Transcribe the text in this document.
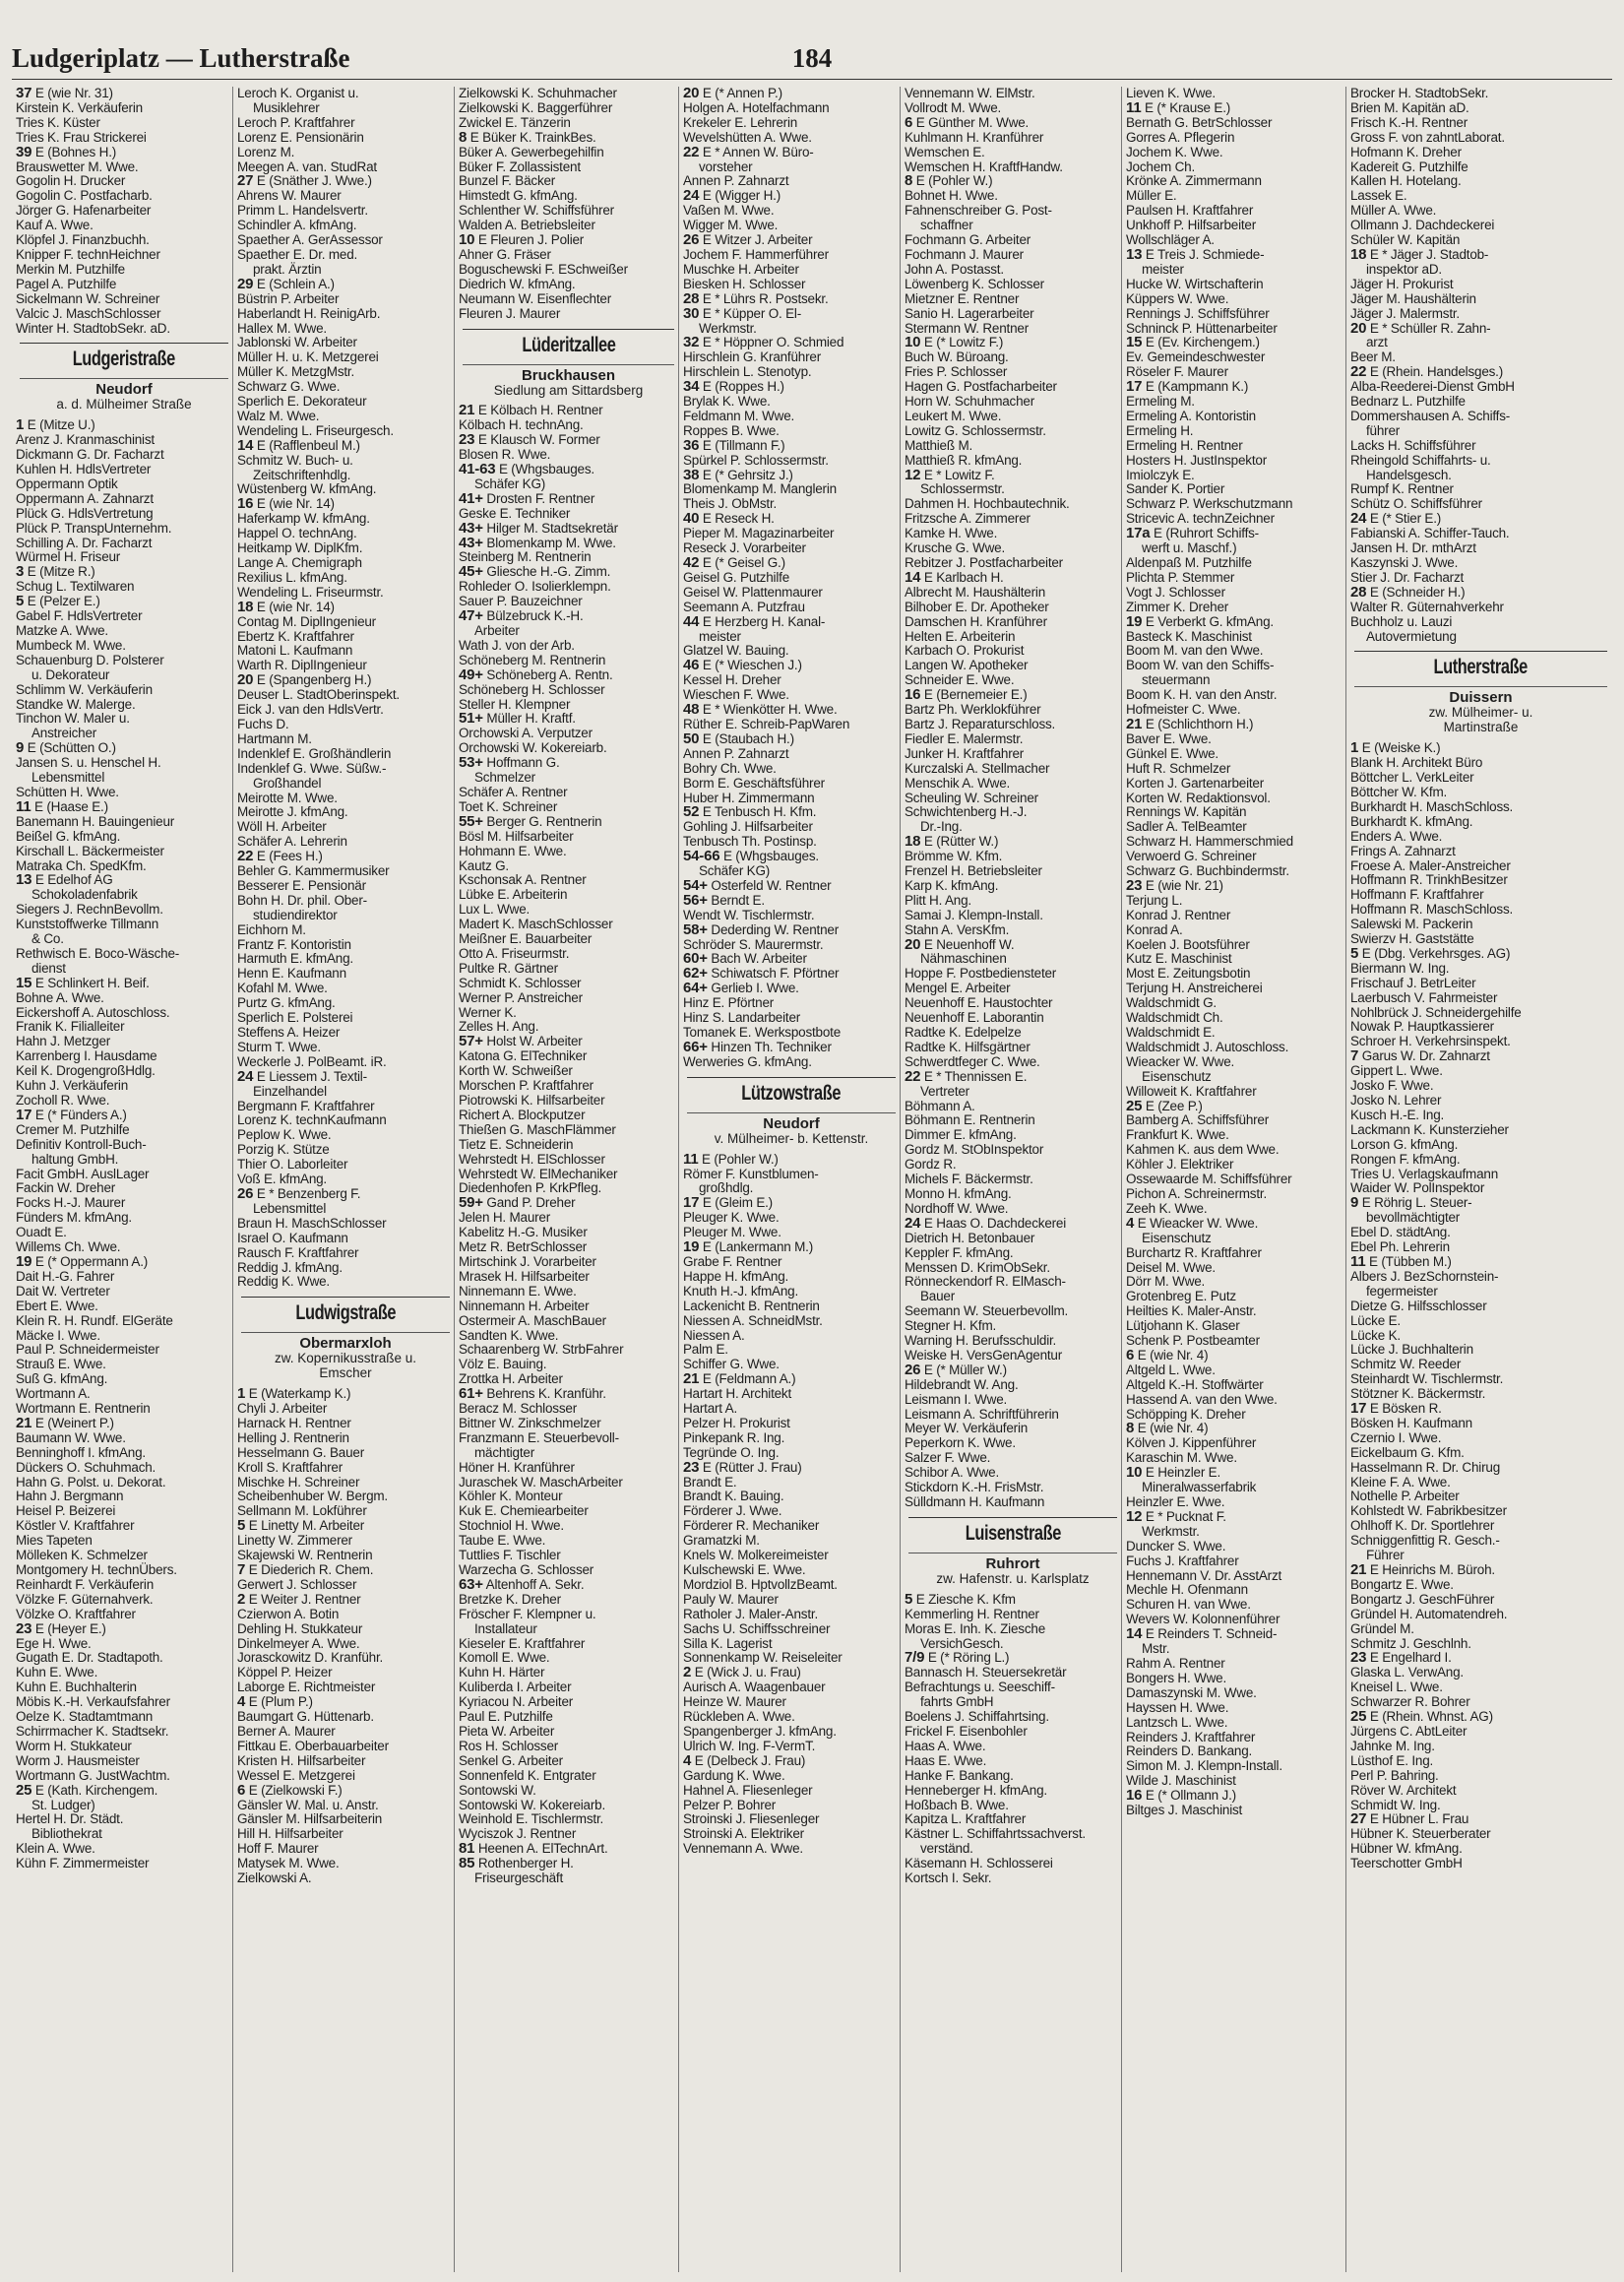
Ludgeriplatz — Lutherstraße	184
37 E (wie Nr. 31)
Kirstein K. Verkäuferin
Tries K. Küster
Tries K. Frau Strickerei
39 E (Bohnes H.)
Brauswetter M. Wwe.
Gogolin H. Drucker
Gogolin C. Postfacharb.
Jörger G. Hafenarbeiter
Kauf A. Wwe.
Klöpfel J. Finanzbuchh.
Knipper F. technHeichner
Merkin M. Putzhilfe
Pagel A. Putzhilfe
Sickelmann W. Schreiner
Valcic J. MaschSchlosser
Winter H. StadtobSekr. aD.
Ludgeristraße
Neudorf
a. d. Mülheimer Straße
1 E (Mitze U.)
Arenz J. Kranmaschinist
Dickmann G. Dr. Facharzt
Kuhlen H. HdlsVertreter
Oppermann Optik
Oppermann A. Zahnarzt
Plück G. HdlsVertretung
Plück P. TranspUnternehm.
Schilling A. Dr. Facharzt
Würmel H. Friseur
3 E (Mitze R.)
Schug L. Textilwaren
5 E (Pelzer E.)
Gabel F. HdlsVertreter
Matzke A. Wwe.
Mumbeck M. Wwe.
Schauenburg D. Polsterer
u. Dekorateur
Schlimm W. Verkäuferin
Standke W. Malerge.
Tinchon W. Maler u.
Anstreicher
9 E (Schütten O.)
Jansen S. u. Henschel H.
Lebensmittel
Schütten H. Wwe.
11 E (Haase E.)
Banemann H. Bauingenieur
Beißel G. kfmAng.
Kirschall L. Bäckermeister
Matraka Ch. SpedKfm.
13 E Edelhof AG
Schokoladenfabrik
Siegers J. RechnBevollm.
Kunststoffwerke Tillmann
& Co.
Rethwisch E. Boco-Wäsche-
dienst
15 E Schlinkert H. Beif.
Bohne A. Wwe.
Eickershoff A. Autoschloss.
Franik K. Filialleiter
Hahn J. Metzger
Karrenberg I. Hausdame
Keil K. DrogengroßHdlg.
Kuhn J. Verkäuferin
Zocholl R. Wwe.
17 E (* Fünders A.)
Cremer M. Putzhilfe
Definitiv Kontroll-Buch-
haltung GmbH.
Facit GmbH. AuslLager
Fackin W. Dreher
Focks H.-J. Maurer
Fünders M. kfmAng.
Ouadt E.
Willems Ch. Wwe.
19 E (* Oppermann A.)
Dait H.-G. Fahrer
Dait W. Vertreter
Ebert E. Wwe.
Klein R. H. Rundf. ElGeräte
Mäcke I. Wwe.
Paul P. Schneidermeister
Strauß E. Wwe.
Suß G. kfmAng.
Wortmann A.
Wortmann E. Rentnerin
21 E (Weinert P.)
Baumann W. Wwe.
Benninghoff I. kfmAng.
Dückers O. Schuhmach.
Hahn G. Polst. u. Dekorat.
Hahn J. Bergmann
Heisel P. Beizerei
Köstler V. Kraftfahrer
Mies Tapeten
Mölleken K. Schmelzer
Montgomery H. technÜbers.
Reinhardt F. Verkäuferin
Völzke F. Güternahverk.
Völzke O. Kraftfahrer
23 E (Heyer E.)
Ege H. Wwe.
Gugath E. Dr. Stadtapoth.
Kuhn E. Wwe.
Kuhn E. Buchhalterin
Möbis K.-H. Verkaufsfahrer
Oelze K. Stadtamtmann
Schirrmacher K. Stadtsekr.
Worm H. Stukkateur
Worm J. Hausmeister
Wortmann G. JustWachtm.
25 E (Kath. Kirchengem.
St. Ludger)
Hertel H. Dr. Städt.
Bibliothekrat
Klein A. Wwe.
Kühn F. Zimmermeister
Leroch K. Organist u.
Musiklehrer
Leroch P. Kraftfahrer
Lorenz E. Pensionärin
Lorenz M.
Meegen A. van. StudRat
27 E (Snäther J. Wwe.)
Ahrens W. Maurer
Primm L. Handelsvertr.
Schindler A. kfmAng.
Spaether A. GerAssessor
Spaether E. Dr. med.
prakt. Ärztin
29 E (Schlein A.)
Büstrin P. Arbeiter
Haberlandt H. ReinigArb.
Hallex M. Wwe.
Jablonski W. Arbeiter
Müller H. u. K. Metzgerei
Müller K. MetzgMstr.
Schwarz G. Wwe.
Sperlich E. Dekorateur
Walz M. Wwe.
Wendeling L. Friseurgesch.
14 E (Rafflenbeul M.)
Schmitz W. Buch- u.
Zeitschriftenhdlg.
Wüstenberg W. kfmAng.
16 E (wie Nr. 14)
Haferkamp W. kfmAng.
Happel O. technAng.
Heitkamp W. DiplKfm.
Lange A. Chemigraph
Rexilius L. kfmAng.
Wendeling L. Friseurmstr.
18 E (wie Nr. 14)
Contag M. DiplIngenieur
Ebertz K. Kraftfahrer
Matoni L. Kaufmann
Warth R. DiplIngenieur
20 E (Spangenberg H.)
Deuser L. StadtOberinspekt.
Eick J. van den HdlsVertr.
Fuchs D.
Hartmann M.
Indenklef E. Großhändlerin
Indenklef G. Wwe. Süßw.-
Großhandel
Meirotte M. Wwe.
Meirotte J. kfmAng.
Wöll H. Arbeiter
Schäfer A. Lehrerin
22 E (Fees H.)
Behler G. Kammermusiker
Besserer E. Pensionär
Bohn H. Dr. phil. Ober-
studiendirektor
Eichhorn M.
Frantz F. Kontoristin
Harmuth E. kfmAng.
Henn E. Kaufmann
Kofahl M. Wwe.
Purtz G. kfmAng.
Sperlich E. Polsterei
Steffens A. Heizer
Sturm T. Wwe.
Weckerle J. PolBeamt. iR.
24 E Liessem J. Textil-
Einzelhandel
Bergmann F. Kraftfahrer
Lorenz K. technKaufmann
Peplow K. Wwe.
Porzig K. Stütze
Thier O. Laborleiter
Voß E. kfmAng.
26 E * Benzenberg F.
Lebensmittel
Braun H. MaschSchlosser
Israel O. Kaufmann
Rausch F. Kraftfahrer
Reddig J. kfmAng.
Reddig K. Wwe.
Ludwigstraße
Obermarxloh
zw. Kopernikusstraße u.
Emscher
1 E (Waterkamp K.)
Chyli J. Arbeiter
Harnack H. Rentner
Helling J. Rentnerin
Hesselmann G. Bauer
Kroll S. Kraftfahrer
Mischke H. Schreiner
Scheibenhuber W. Bergm.
Sellmann M. Lokführer
5 E Linetty M. Arbeiter
Linetty W. Zimmerer
Skajewski W. Rentnerin
7 E Diederich R. Chem.
Gerwert J. Schlosser
2 E Weiter J. Rentner
Czierwon A. Botin
Dehling H. Stukkateur
Dinkelmeyer A. Wwe.
Jorasckowitz D. Kranführ.
Köppel P. Heizer
Laborge E. Richtmeister
4 E (Plum P.)
Baumgart G. Hüttenarb.
Berner A. Maurer
Fittkau E. Oberbauarbeiter
Kristen H. Hilfsarbeiter
Wessel E. Metzgerei
6 E (Zielkowski F.)
Gänsler W. Mal. u. Anstr.
Gänsler M. Hilfsarbeiterin
Hill H. Hilfsarbeiter
Hoff F. Maurer
Matysek M. Wwe.
Zielkowski A.
Zielkowski K. Schuhmacher
Zielkowski K. Baggerführer
Zwickel E. Tänzerin
8 E Büker K. TrainkBes.
Büker A. Gewerbegehilfin
Büker F. Zollassistent
Bunzel F. Bäcker
Himstedt G. kfmAng.
Schlenther W. Schiffsführer
Walden A. Betriebsleiter
10 E Fleuren J. Polier
Ahner G. Fräser
Boguschewski F. ESchweißer
Diedrich W. kfmAng.
Neumann W. Eisenflechter
Fleuren J. Maurer
Lüderitzallee
Bruckhausen
Siedlung am Sittardsberg
21 E Kölbach H. Rentner
Kölbach H. technAng.
23 E Klausch W. Former
Blosen R. Wwe.
41-63 E (Whgsbauges.
Schäfer KG)
41+ Drosten F. Rentner
Geske E. Techniker
43+ Hilger M. Stadtsekretär
43+ Blomenkamp M. Wwe.
Steinberg M. Rentnerin
45+ Gliesche H.-G. Zimm.
Rohleder O. Isolierklempn.
Sauer P. Bauzeichner
47+ Bülzebruck K.-H.
Arbeiter
Wath J. von der Arb.
Schöneberg M. Rentnerin
49+ Schöneberg A. Rentn.
Schöneberg H. Schlosser
Steller H. Klempner
51+ Müller H. Kraftf.
Orchowski A. Verputzer
Orchowski W. Kokereiarb.
53+ Hoffmann G.
Schmelzer
Schäfer A. Rentner
Toet K. Schreiner
55+ Berger G. Rentnerin
Bösl M. Hilfsarbeiter
Hohmann E. Wwe.
Kautz G.
Kschonsak A. Rentner
Lübke E. Arbeiterin
Lux L. Wwe.
Madert K. MaschSchlosser
Meißner E. Bauarbeiter
Otto A. Friseurmstr.
Pultke R. Gärtner
Schmidt K. Schlosser
Werner P. Anstreicher
Werner K.
Zelles H. Ang.
57+ Holst W. Arbeiter
Katona G. ElTechniker
Korth W. Schweißer
Morschen P. Kraftfahrer
Piotrowski K. Hilfsarbeiter
Richert A. Blockputzer
Thießen G. MaschFlämmer
Tietz E. Schneiderin
Wehrstedt H. ElSchlosser
Wehrstedt W. ElMechaniker
Diedenhofen P. KrkPfleg.
59+ Gand P. Dreher
Jelen H. Maurer
Kabelitz H.-G. Musiker
Metz R. BetrSchlosser
Mirtschink J. Vorarbeiter
Mrasek H. Hilfsarbeiter
Ninnemann E. Wwe.
Ninnemann H. Arbeiter
Ostermeir A. MaschBauer
Sandten K. Wwe.
Schaarenberg W. StrbFahrer
Völz E. Bauing.
Zrottka H. Arbeiter
61+ Behrens K. Kranführ.
Beracz M. Schlosser
Bittner W. Zinkschmelzer
Franzmann E. Steuerbevoll-
mächtigter
Höner H. Kranführer
Juraschek W. MaschArbeiter
Köhler K. Monteur
Kuk E. Chemiearbeiter
Stochniol H. Wwe.
Taube E. Wwe.
Tuttlies F. Tischler
Warzecha G. Schlosser
63+ Altenhoff A. Sekr.
Bretzke K. Dreher
Fröscher F. Klempner u.
Installateur
Kieseler E. Kraftfahrer
Komoll E. Wwe.
Kuhn H. Härter
Kuliberda I. Arbeiter
Kyriacou N. Arbeiter
Paul E. Putzhilfe
Pieta W. Arbeiter
Ros H. Schlosser
Senkel G. Arbeiter
Sonnenfeld K. Entgrater
Sontowski W.
Sontowski W. Kokereiarb.
Weinhold E. Tischlermstr.
Wyciszok J. Rentner
81 Heenen A. ElTechnArt.
85 Rothenberger H.
Friseurgeschäft
20 E (* Annen P.)
Holgen A. Hotelfachmann
Krekeler E. Lehrerin
Wevelshütten A. Wwe.
22 E * Annen W. Büro-
vorsteher
Annen P. Zahnarzt
24 E (Wigger H.)
Vaßen M. Wwe.
Wigger M. Wwe.
26 E Witzer J. Arbeiter
Jochem F. Hammerführer
Muschke H. Arbeiter
Biesken H. Schlosser
28 E * Lührs R. Postsekr.
30 E * Küpper O. El-
Werkmstr.
32 E * Höppner O. Schmied
Hirschlein G. Kranführer
Hirschlein L. Stenotyp.
34 E (Roppes H.)
Brylak K. Wwe.
Feldmann M. Wwe.
Roppes B. Wwe.
36 E (Tillmann F.)
Spürkel P. Schlossermstr.
38 E (* Gehrsitz J.)
Blomenkamp M. Manglerin
Theis J. ObMstr.
40 E Reseck H.
Pieper M. Magazinarbeiter
Reseck J. Vorarbeiter
42 E (* Geisel G.)
Geisel G. Putzhilfe
Geisel W. Plattenmaurer
Seemann A. Putzfrau
44 E Herzberg H. Kanal-
meister
Glatzel W. Bauing.
46 E (* Wieschen J.)
Kessel H. Dreher
Wieschen F. Wwe.
48 E * Wienkötter H. Wwe.
Rüther E. Schreib-PapWaren
50 E (Staubach H.)
Annen P. Zahnarzt
Bohry Ch. Wwe.
Borm E. Geschäftsführer
Huber H. Zimmermann
52 E Tenbusch H. Kfm.
Gohling J. Hilfsarbeiter
Tenbusch Th. Postinsp.
54-66 E (Whgsbauges.
Schäfer KG)
54+ Osterfeld W. Rentner
56+ Berndt E.
Wendt W. Tischlermstr.
58+ Dederding W. Rentner
Schröder S. Maurermstr.
60+ Bach W. Arbeiter
62+ Schiwatsch F. Pförtner
64+ Gerlieb I. Wwe.
Hinz E. Pförtner
Hinz S. Landarbeiter
Tomanek E. Werkspostbote
66+ Hinzen Th. Techniker
Werweries G. kfmAng.
Lützowstraße
Neudorf
v. Mülheimer- b. Kettenstr.
11 E (Pohler W.)
Römer F. Kunstblumen-
großhdlg.
17 E (Gleim E.)
Pleuger K. Wwe.
Pleuger M. Wwe.
19 E (Lankermann M.)
Grabe F. Rentner
Happe H. kfmAng.
Knuth H.-J. kfmAng.
Lackenicht B. Rentnerin
Niessen A. SchneidMstr.
Niessen A.
Palm E.
Schiffer G. Wwe.
21 E (Feldmann A.)
Hartart H. Architekt
Hartart A.
Pelzer H. Prokurist
Pinkepank R. Ing.
Tegründe O. Ing.
23 E (Rütter J. Frau)
Brandt E.
Brandt K. Bauing.
Förderer J. Wwe.
Förderer R. Mechaniker
Gramatzki M.
Knels W. Molkereimeister
Kulschewski E. Wwe.
Mordziol B. HptvollzBeamt.
Pauly W. Maurer
Ratholer J. Maler-Anstr.
Sachs U. Schiffsschreiner
Silla K. Lagerist
Sonnenkamp W. Reiseleiter
2 E (Wick J. u. Frau)
Aurisch A. Waagenbauer
Heinze W. Maurer
Rückleben A. Wwe.
Spangenberger J. kfmAng.
Ulrich W. Ing. F-VermT.
4 E (Delbeck J. Frau)
Gardung K. Wwe.
Hahnel A. Fliesenleger
Pelzer P. Bohrer
Stroinski J. Fliesenleger
Stroinski A. Elektriker
Vennemann A. Wwe.
Vennemann W. ElMstr.
Vollrodt M. Wwe.
6 E Günther M. Wwe.
Kuhlmann H. Kranführer
Wemschen E.
Wemschen H. KraftfHandw.
8 E (Pohler W.)
Bohnet H. Wwe.
Fahnenschreiber G. Post-
schaffner
Fochmann G. Arbeiter
Fochmann J. Maurer
John A. Postasst.
Löwenberg K. Schlosser
Mietzner E. Rentner
Sanio H. Lagerarbeiter
Stermann W. Rentner
10 E (* Lowitz F.)
Buch W. Büroang.
Fries P. Schlosser
Hagen G. Postfacharbeiter
Horn W. Schuhmacher
Leukert M. Wwe.
Lowitz G. Schlossermstr.
Matthieß M.
Matthieß R. kfmAng.
12 E * Lowitz F.
Schlossermstr.
Dahmen H. Hochbautechnik.
Fritzsche A. Zimmerer
Kamke H. Wwe.
Krusche G. Wwe.
Rebitzer J. Postfacharbeiter
14 E Karlbach H.
Albrecht M. Haushälterin
Bilhober E. Dr. Apotheker
Damschen H. Kranführer
Helten E. Arbeiterin
Karbach O. Prokurist
Langen W. Apotheker
Schneider E. Wwe.
16 E (Bernemeier E.)
Bartz Ph. Werklokführer
Bartz J. Reparaturschloss.
Fiedler E. Malermstr.
Junker H. Kraftfahrer
Kurczalski A. Stellmacher
Menschik A. Wwe.
Scheuling W. Schreiner
Schwichtenberg H.-J.
Dr.-Ing.
18 E (Rütter W.)
Brömme W. Kfm.
Frenzel H. Betriebsleiter
Karp K. kfmAng.
Plitt H. Ang.
Samai J. Klempn-Install.
Stahn A. VersKfm.
20 E Neuenhoff W.
Nähmaschinen
Hoppe F. Postbediensteter
Mengel E. Arbeiter
Neuenhoff E. Haustochter
Neuenhoff E. Laborantin
Radtke K. Edelpelze
Radtke K. Hilfsgärtner
Schwerdtfeger C. Wwe.
22 E * Thennissen E.
Vertreter
Böhmann A.
Böhmann E. Rentnerin
Dimmer E. kfmAng.
Gordz M. StObInspektor
Gordz R.
Michels F. Bäckermstr.
Monno H. kfmAng.
Nordhoff W. Wwe.
24 E Haas O. Dachdeckerei
Dietrich H. Betonbauer
Keppler F. kfmAng.
Menssen D. KrimObSekr.
Rönneckendorf R. ElMasch-
Bauer
Seemann W. Steuerbevollm.
Stegner H. Kfm.
Warning H. Berufsschuldir.
Weiske H. VersGenAgentur
26 E (* Müller W.)
Hildebrandt W. Ang.
Leismann I. Wwe.
Leismann A. Schriftführerin
Meyer W. Verkäuferin
Peperkorn K. Wwe.
Salzer F. Wwe.
Schibor A. Wwe.
Stickdorn K.-H. FrisMstr.
Sülldmann H. Kaufmann
Luisenstraße
Ruhrort
zw. Hafenstr. u. Karlsplatz
5 E Ziesche K. Kfm
Kemmerling H. Rentner
Moras E. Inh. K. Ziesche
VersichGesch.
7/9 E (* Röring L.)
Bannasch H. Steuersekretär
Befrachtungs u. Seeschiff-
fahrts GmbH
Boelens J. Schiffahrtsing.
Frickel F. Eisenbohler
Haas A. Wwe.
Haas E. Wwe.
Hanke F. Bankang.
Henneberger H. kfmAng.
Hoßbach B. Wwe.
Kapitza L. Kraftfahrer
Kästner L. Schiffahrtssachverst.
verständ.
Käsemann H. Schlosserei
Kortsch I. Sekr.
Lieven K. Wwe.
11 E (* Krause E.)
Bernath G. BetrSchlosser
Gorres A. Pflegerin
Jochem K. Wwe.
Jochem Ch.
Krönke A. Zimmermann
Müller E.
Paulsen H. Kraftfahrer
Unkhoff P. Hilfsarbeiter
Wollschläger A.
13 E Treis J. Schmiede-
meister
Hucke W. Wirtschafterin
Küppers W. Wwe.
Rennings J. Schiffsführer
Schninck P. Hüttenarbeiter
15 E (Ev. Kirchengem.)
Ev. Gemeindeschwester
Röseler F. Maurer
17 E (Kampmann K.)
Ermeling M.
Ermeling A. Kontoristin
Ermeling H.
Ermeling H. Rentner
Hosters H. JustInspektor
Imiolczyk E.
Sander K. Portier
Schwarz P. Werkschutzmann
Stricevic A. technZeichner
17a E (Ruhrort Schiffs-
werft u. Maschf.)
Aldenpaß M. Putzhilfe
Plichta P. Stemmer
Vogt J. Schlosser
Zimmer K. Dreher
19 E Verberkt G. kfmAng.
Basteck K. Maschinist
Boom M. van den Wwe.
Boom W. van den Schiffs-
steuermann
Boom K. H. van den Anstr.
Hofmeister C. Wwe.
21 E (Schlichthorn H.)
Baver E. Wwe.
Günkel E. Wwe.
Huft R. Schmelzer
Korten J. Gartenarbeiter
Korten W. Redaktionsvol.
Rennings W. Kapitän
Sadler A. TelBeamter
Schwarz H. Hammerschmied
Verwoerd G. Schreiner
Schwarz G. Buchbindermstr.
23 E (wie Nr. 21)
Terjung L.
Konrad J. Rentner
Konrad A.
Koelen J. Bootsführer
Kutz E. Maschinist
Most E. Zeitungsbotin
Terjung H. Anstreicherei
Waldschmidt G.
Waldschmidt Ch.
Waldschmidt E.
Waldschmidt J. Autoschloss.
Wieacker W. Wwe.
Eisenschutz
Willoweit K. Kraftfahrer
25 E (Zee P.)
Bamberg A. Schiffsführer
Frankfurt K. Wwe.
Kahmen K. aus dem Wwe.
Köhler J. Elektriker
Ossewaarde M. Schiffsführer
Pichon A. Schreinermstr.
Zeeh K. Wwe.
4 E Wieacker W. Wwe.
Eisenschutz
Burchartz R. Kraftfahrer
Deisel M. Wwe.
Dörr M. Wwe.
Grotenbreg E. Putz
Heilties K. Maler-Anstr.
Lütjohann K. Glaser
Schenk P. Postbeamter
6 E (wie Nr. 4)
Altgeld L. Wwe.
Altgeld K.-H. Stoffwärter
Hassend A. van den Wwe.
Schöpping K. Dreher
8 E (wie Nr. 4)
Kölven J. Kippenführer
Karaschin M. Wwe.
10 E Heinzler E.
Mineralwasserfabrik
Heinzler E. Wwe.
12 E * Pucknat F.
Werkmstr.
Duncker S. Wwe.
Fuchs J. Kraftfahrer
Hennemann V. Dr. AsstArzt
Mechle H. Ofenmann
Schuren H. van Wwe.
Wevers W. Kolonnenführer
14 E Reinders T. Schneid-
Mstr.
Rahm A. Rentner
Bongers H. Wwe.
Damaszynski M. Wwe.
Hayssen H. Wwe.
Lantzsch L. Wwe.
Reinders J. Kraftfahrer
Reinders D. Bankang.
Simon M. J. Klempn-Install.
Wilde J. Maschinist
16 E (* Ollmann J.)
Biltges J. Maschinist
Brocker H. StadtobSekr.
Brien M. Kapitän aD.
Frisch K.-H. Rentner
Gross F. von zahntLaborat.
Hofmann K. Dreher
Kadereit G. Putzhilfe
Kallen H. Hotelang.
Lassek E.
Müller A. Wwe.
Ollmann J. Dachdeckerei
Schüler W. Kapitän
18 E * Jäger J. Stadtob-
inspektor aD.
Jäger H. Prokurist
Jäger M. Haushälterin
Jäger J. Malermstr.
20 E * Schüller R. Zahn-
arzt
Beer M.
22 E (Rhein. Handelsges.)
Alba-Reederei-Dienst GmbH
Bednarz L. Putzhilfe
Dommershausen A. Schiffs-
führer
Lacks H. Schiffsführer
Rheingold Schiffahrts- u.
Handelsgesch.
Rumpf K. Rentner
Schütz O. Schiffsführer
24 E (* Stier E.)
Fabianski A. Schiffer-Tauch.
Jansen H. Dr. mthArzt
Kaszynski J. Wwe.
Stier J. Dr. Facharzt
28 E (Schneider H.)
Walter R. Güternahverkehr
Buchholz u. Lauzi
Autovermietung
Lutherstraße
Duissern
zw. Mülheimer- u.
Martinstraße
1 E (Weiske K.)
Blank H. Architekt Büro
Böttcher L. VerkLeiter
Böttcher W. Kfm.
Burkhardt H. MaschSchloss.
Burkhardt K. kfmAng.
Enders A. Wwe.
Frings A. Zahnarzt
Froese A. Maler-Anstreicher
Hoffmann R. TrinkhBesitzer
Hoffmann F. Kraftfahrer
Hoffmann R. MaschSchloss.
Salewski M. Packerin
Swierzv H. Gaststätte
5 E (Dbg. Verkehrsges. AG)
Biermann W. Ing.
Frischauf J. BetrLeiter
Laerbusch V. Fahrmeister
Nohlbrück J. Schneidergehilfe
Nowak P. Hauptkassierer
Schroer H. Verkehrsinspekt.
7 Garus W. Dr. Zahnarzt
Gippert L. Wwe.
Josko F. Wwe.
Josko N. Lehrer
Kusch H.-E. Ing.
Lackmann K. Kunsterzieher
Lorson G. kfmAng.
Rongen F. kfmAng.
Tries U. Verlagskaufmann
Waider W. PolInspektor
9 E Röhrig L. Steuer-
bevollmächtigter
Ebel D. städtAng.
Ebel Ph. Lehrerin
11 E (Tübben M.)
Albers J. BezSchornstein-
fegermeister
Dietze G. Hilfsschlosser
Lücke E.
Lücke K.
Lücke J. Buchhalterin
Schmitz W. Reeder
Steinhardt W. Tischlermstr.
Stötzner K. Bäckermstr.
17 E Bösken R.
Bösken H. Kaufmann
Czernio I. Wwe.
Eickelbaum G. Kfm.
Hasselmann R. Dr. Chirug
Kleine F. A. Wwe.
Nothelle P. Arbeiter
Kohlstedt W. Fabrikbesitzer
Ohlhoff K. Dr. Sportlehrer
Schniggenfittig R. Gesch.-
Führer
21 E Heinrichs M. Büroh.
Bongartz E. Wwe.
Bongartz J. GeschFührer
Gründel H. Automatendreh.
Gründel M.
Schmitz J. Geschlnh.
23 E Engelhard I.
Glaska L. VerwAng.
Kneisel L. Wwe.
Schwarzer R. Bohrer
25 E (Rhein. Whnst. AG)
Jürgens C. AbtLeiter
Jahnke M. Ing.
Lüsthof E. Ing.
Perl P. Bahring.
Röver W. Architekt
Schmidt W. Ing.
27 E Hübner L. Frau
Hübner K. Steuerberater
Hübner W. kfmAng.
Teerschotter GmbH
